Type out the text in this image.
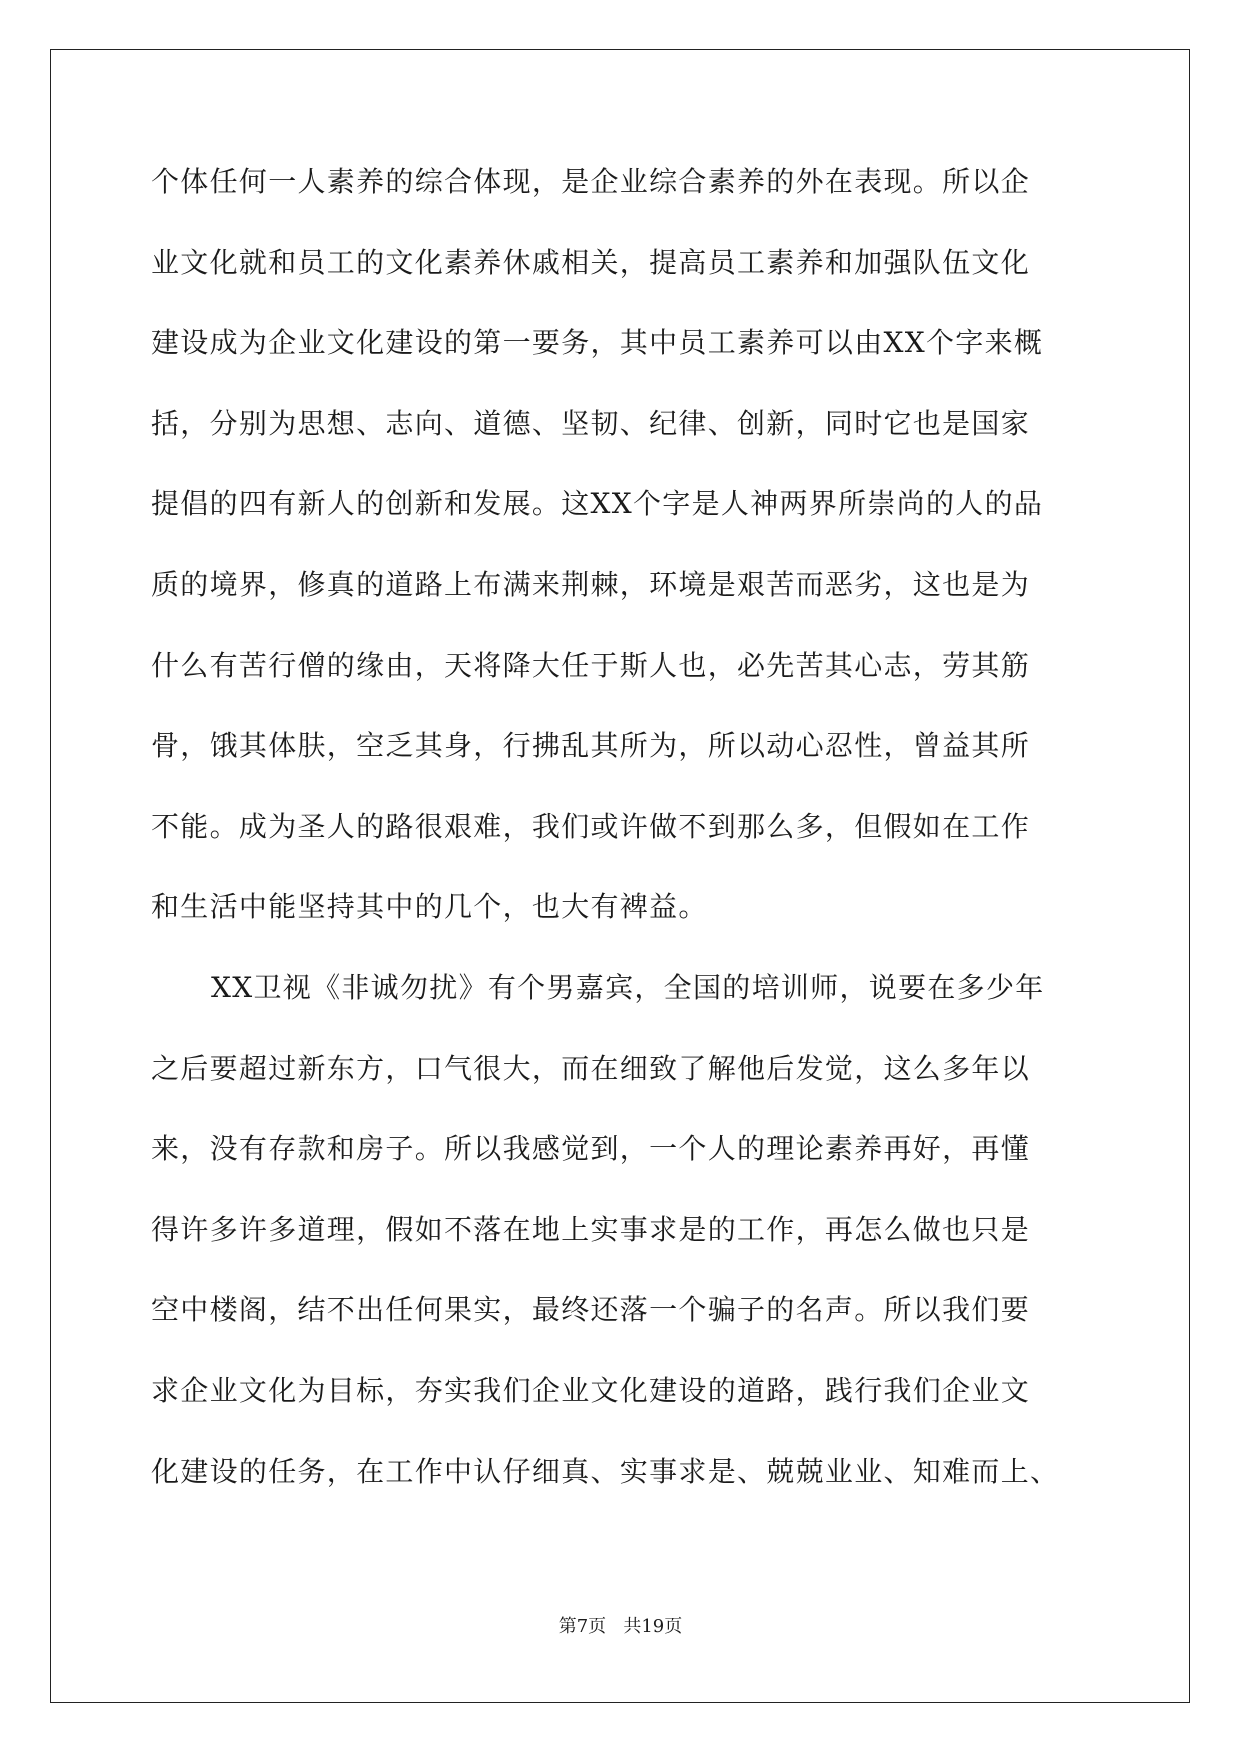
个体任何一人素养的综合体现，是企业综合素养的外在表现。所以企
业文化就和员工的文化素养休戚相关，提高员工素养和加强队伍文化
建设成为企业文化建设的第一要务，其中员工素养可以由XX个字来概
括，分别为思想、志向、道德、坚韧、纪律、创新，同时它也是国家
提倡的四有新人的创新和发展。这XX个字是人神两界所崇尚的人的品
质的境界，修真的道路上布满来荆棘，环境是艰苦而恶劣，这也是为
什么有苦行僧的缘由，天将降大任于斯人也，必先苦其心志，劳其筋
骨，饿其体肤，空乏其身，行拂乱其所为，所以动心忍性，曾益其所
不能。成为圣人的路很艰难，我们或许做不到那么多，但假如在工作
和生活中能坚持其中的几个，也大有裨益。
XX卫视《非诚勿扰》有个男嘉宾，全国的培训师，说要在多少年
之后要超过新东方，口气很大，而在细致了解他后发觉，这么多年以
来，没有存款和房子。所以我感觉到，一个人的理论素养再好，再懂
得许多许多道理，假如不落在地上实事求是的工作，再怎么做也只是
空中楼阁，结不出任何果实，最终还落一个骗子的名声。所以我们要
求企业文化为目标，夯实我们企业文化建设的道路，践行我们企业文
化建设的任务，在工作中认仔细真、实事求是、兢兢业业、知难而上、
第7页   共19页
